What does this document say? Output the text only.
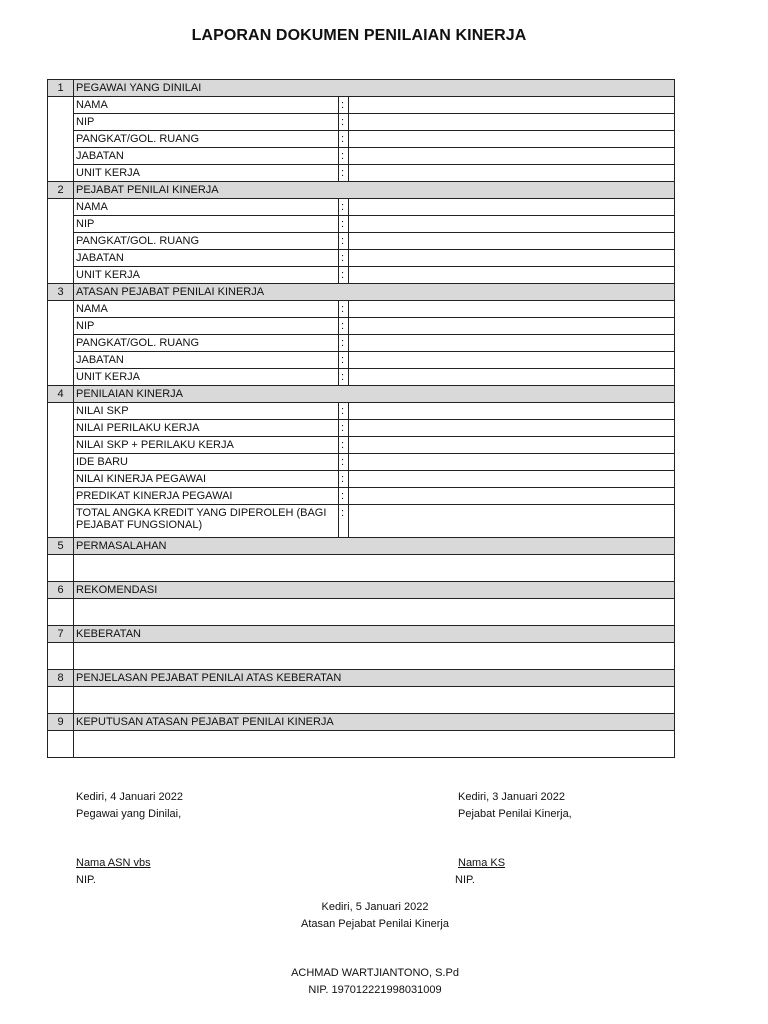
LAPORAN DOKUMEN PENILAIAN KINERJA
1	PEGAWAI YANG DINILAI		
	NAMA	:	
	NIP	:	
	PANGKAT/GOL. RUANG	:	
	JABATAN	:	
	UNIT KERJA	:	
2	PEJABAT PENILAI KINERJA		
	NAMA	:	
	NIP	:	
	PANGKAT/GOL. RUANG	:	
	JABATAN	:	
	UNIT KERJA	:	
3	ATASAN PEJABAT PENILAI KINERJA		
	NAMA	:	
	NIP	:	
	PANGKAT/GOL. RUANG	:	
	JABATAN	:	
	UNIT KERJA	:	
4	PENILAIAN KINERJA		
	NILAI SKP	:	
	NILAI PERILAKU KERJA	:	
	NILAI SKP + PERILAKU KERJA	:	
	IDE BARU	:	
	NILAI KINERJA PEGAWAI	:	
	PREDIKAT KINERJA PEGAWAI	:	
	TOTAL ANGKA KREDIT YANG DIPEROLEH (BAGI PEJABAT FUNGSIONAL)	:	
5	PERMASALAHAN		

6	REKOMENDASI		

7	KEBERATAN		

8	PENJELASAN PEJABAT PENILAI ATAS KEBERATAN		

9	KEPUTUSAN ATASAN PEJABAT PENILAI KINERJA		

Kediri, 4 Januari 2022
Pegawai yang Dinilai,
Nama ASN vbs
NIP.
Kediri, 3 Januari 2022
Pejabat Penilai Kinerja,
Nama KS
NIP.
Kediri, 5 Januari 2022
Atasan Pejabat Penilai Kinerja
ACHMAD WARTJIANTONO, S.Pd
NIP. 197012221998031009
